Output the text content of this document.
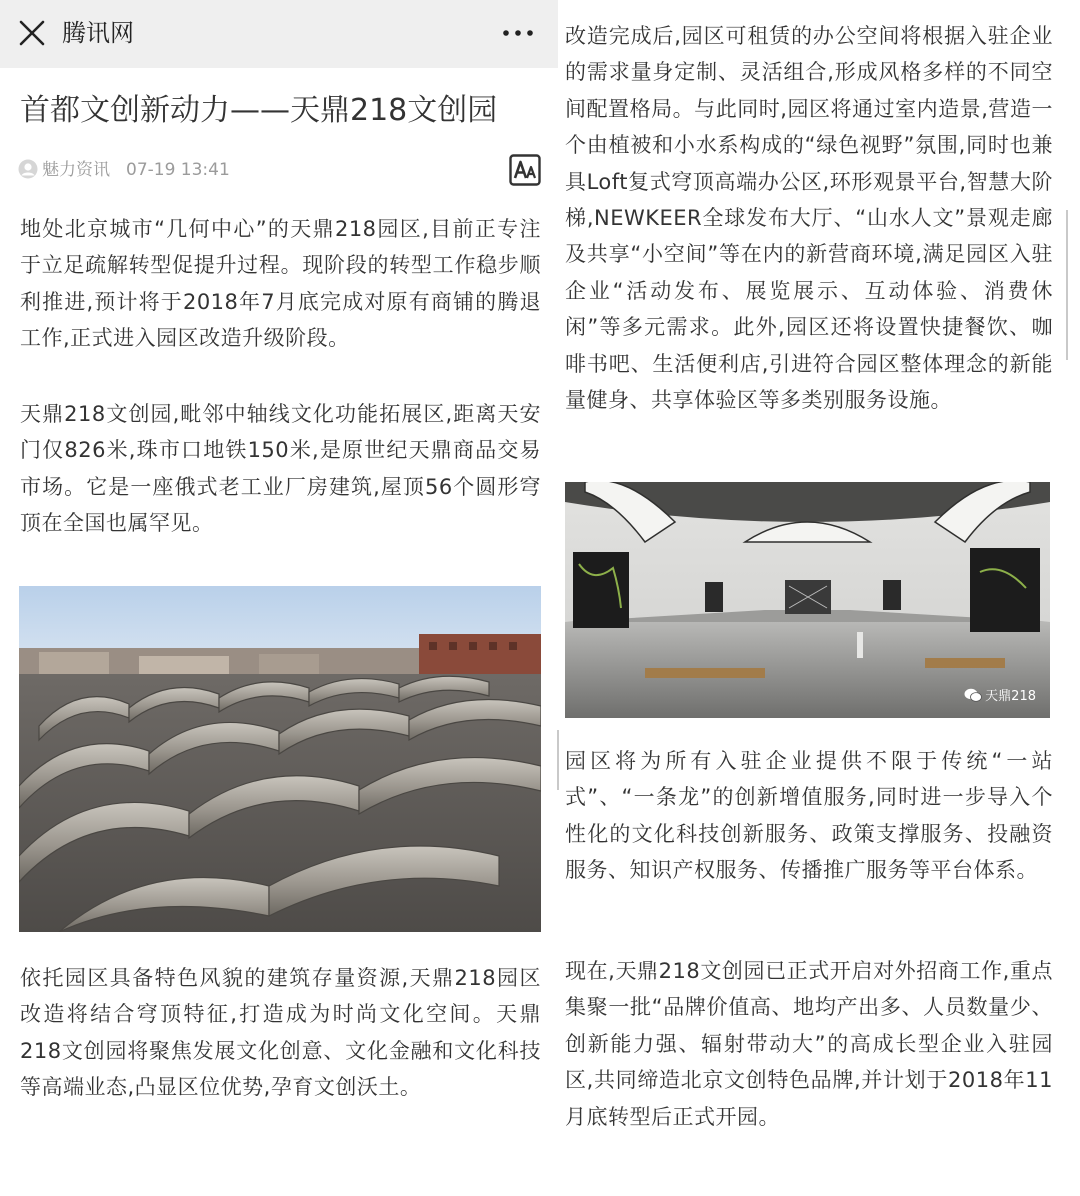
腾讯网
首都文创新动力——天鼎218文创园
魅力资讯 07-19 13:41

地处北京城市“几何中心”的天鼎218园区,目前正专注于立足疏解转型促提升过程。现阶段的转型工作稳步顺利推进,预计将于2018年7月底完成对原有商铺的腾退工作,正式进入园区改造升级阶段。

天鼎218文创园,毗邻中轴线文化功能拓展区,距离天安门仅826米,珠市口地铁150米,是原世纪天鼎商品交易市场。它是一座俄式老工业厂房建筑,屋顶56个圆形穹顶在全国也属罕见。

依托园区具备特色风貌的建筑存量资源,天鼎218园区改造将结合穹顶特征,打造成为时尚文化空间。天鼎218文创园将聚焦发展文化创意、文化金融和文化科技等高端业态,凸显区位优势,孕育文创沃土。

改造完成后,园区可租赁的办公空间将根据入驻企业的需求量身定制、灵活组合,形成风格多样的不同空间配置格局。与此同时,园区将通过室内造景,营造一个由植被和小水系构成的“绿色视野”氛围,同时也兼具Loft复式穹顶高端办公区,环形观景平台,智慧大阶梯,NEWKEER全球发布大厅、“山水人文”景观走廊及共享“小空间”等在内的新营商环境,满足园区入驻企业“活动发布、展览展示、互动体验、消费休闲”等多元需求。此外,园区还将设置快捷餐饮、咖啡书吧、生活便利店,引进符合园区整体理念的新能量健身、共享体验区等多类别服务设施。

天鼎218

园区将为所有入驻企业提供不限于传统“一站式”、“一条龙”的创新增值服务,同时进一步导入个性化的文化科技创新服务、政策支撑服务、投融资服务、知识产权服务、传播推广服务等平台体系。

现在,天鼎218文创园已正式开启对外招商工作,重点集聚一批“品牌价值高、地均产出多、人员数量少、创新能力强、辐射带动大”的高成长型企业入驻园区,共同缔造北京文创特色品牌,并计划于2018年11月底转型后正式开园。
